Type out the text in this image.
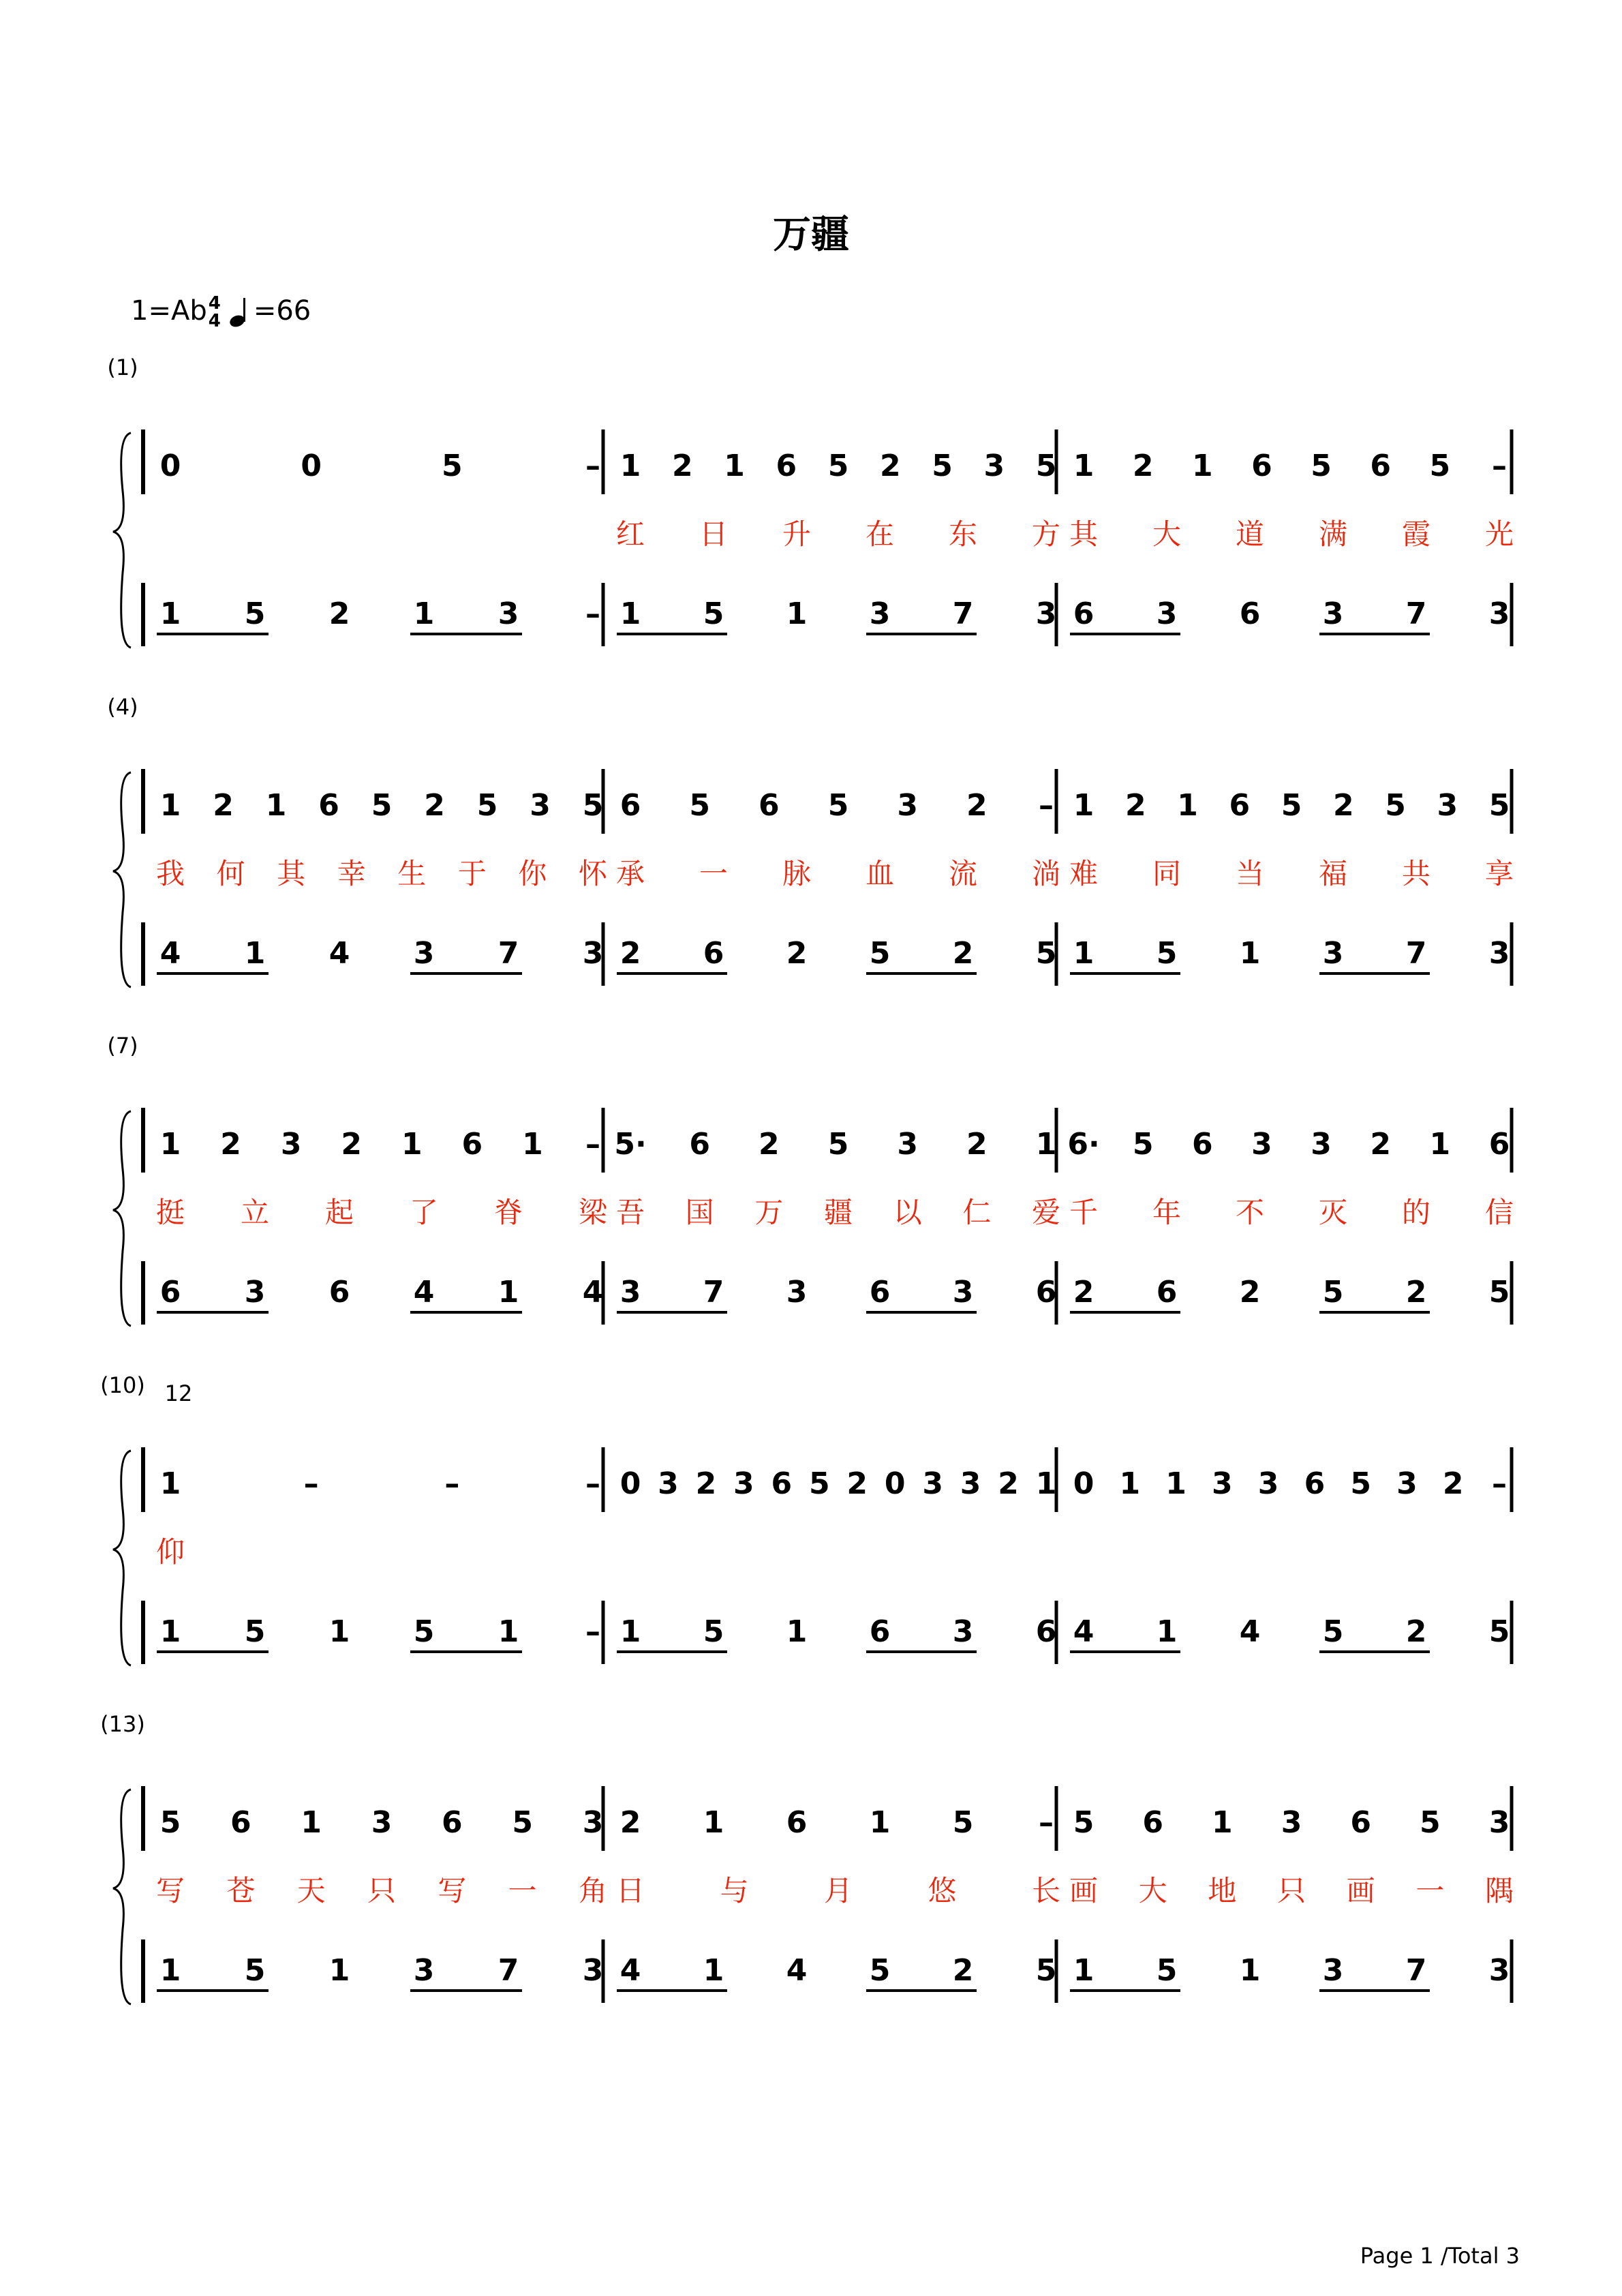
万疆
1=Ab 4
4 =66
(1)
0	0	5	–
1 5 2 1 3 –
1 2 1 6 5 2 5 3 5
红 日 升 在 东 方
1 5 1 3 7 3
1 2 1 6 5 6 5 –
其 大 道 满 霞 光
6 3 6 3 7 3
(4)
1 2 1 6 5 2 5 3 5
我 何 其 幸 生 于 你 怀
4 1 4 3 7 3
6 5 6 5 3 2 –
承 一 脉 血 流 淌
2 6 2 5 2 5
1 2 1 6 5 2 5 3 5
难 同 当 福 共 享
1 5 1 3 7 3
(7)
1 2 3 2 1 6 1 –
挺 立 起 了 脊 梁
6 3 6 4 1 4
5· 6 2 5 3 2 1
吾 国 万 疆 以 仁 爱
3 7 3 6 3 6
6· 5 6 3 3 2 1 6
千 年 不 灭 的 信
2 6 2 5 2 5
(10) 12
1	–	–	–
仰
1 5 1 5 1 –
0 3 2 3 6 5 2 0 3 3 2 1
1 5 1 6 3 6
0 1 1 3 3 6 5 3 2 –
4 1 4 5 2 5
(13)
5 6 1 3 6 5 3
写 苍 天 只 写 一 角
1 5 1 3 7 3
2 1 6 1 5 –
日	与	月	悠	长
4 1 4 5 2 5
5 6 1 3 6 5 3
画 大 地 只 画 一 隅
1 5 1 3 7 3
Page 1 /Total 3
